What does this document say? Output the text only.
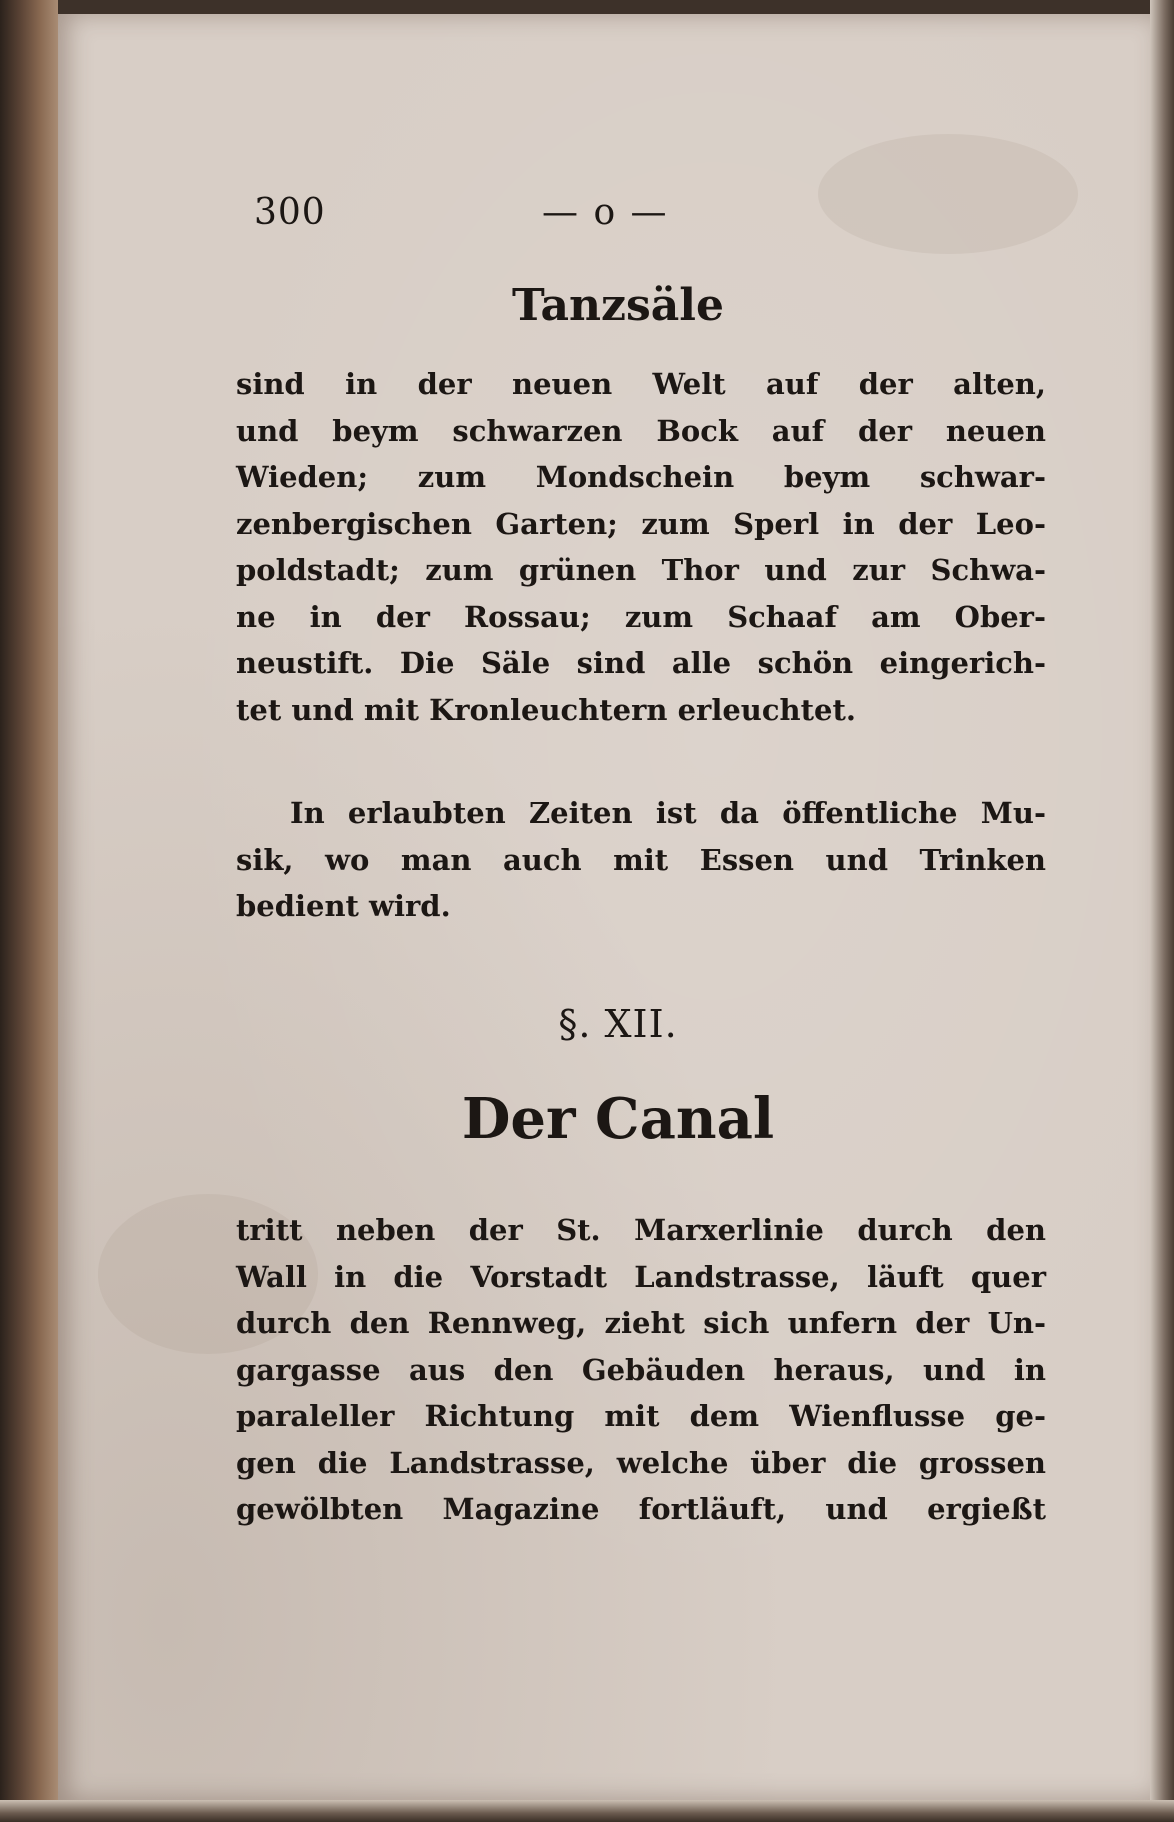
300	— o —
Tanzsäle
sind in der neuen Welt auf der alten,
und beym schwarzen Bock auf der neuen
Wieden; zum Mondschein beym schwar-
zenbergischen Garten; zum Sperl in der Leo-
poldstadt; zum grünen Thor und zur Schwa-
ne in der Rossau; zum Schaaf am Ober-
neustift. Die Säle sind alle schön eingerich-
tet und mit Kronleuchtern erleuchtet.
In erlaubten Zeiten ist da öffentliche Mu-
sik, wo man auch mit Essen und Trinken
bedient wird.
§. XII.
Der Canal
tritt neben der St. Marxerlinie durch den
Wall in die Vorstadt Landstrasse, läuft quer
durch den Rennweg, zieht sich unfern der Un-
gargasse aus den Gebäuden heraus, und in
paraleller Richtung mit dem Wienflusse ge-
gen die Landstrasse, welche über die grossen
gewölbten Magazine fortläuft, und ergießt
